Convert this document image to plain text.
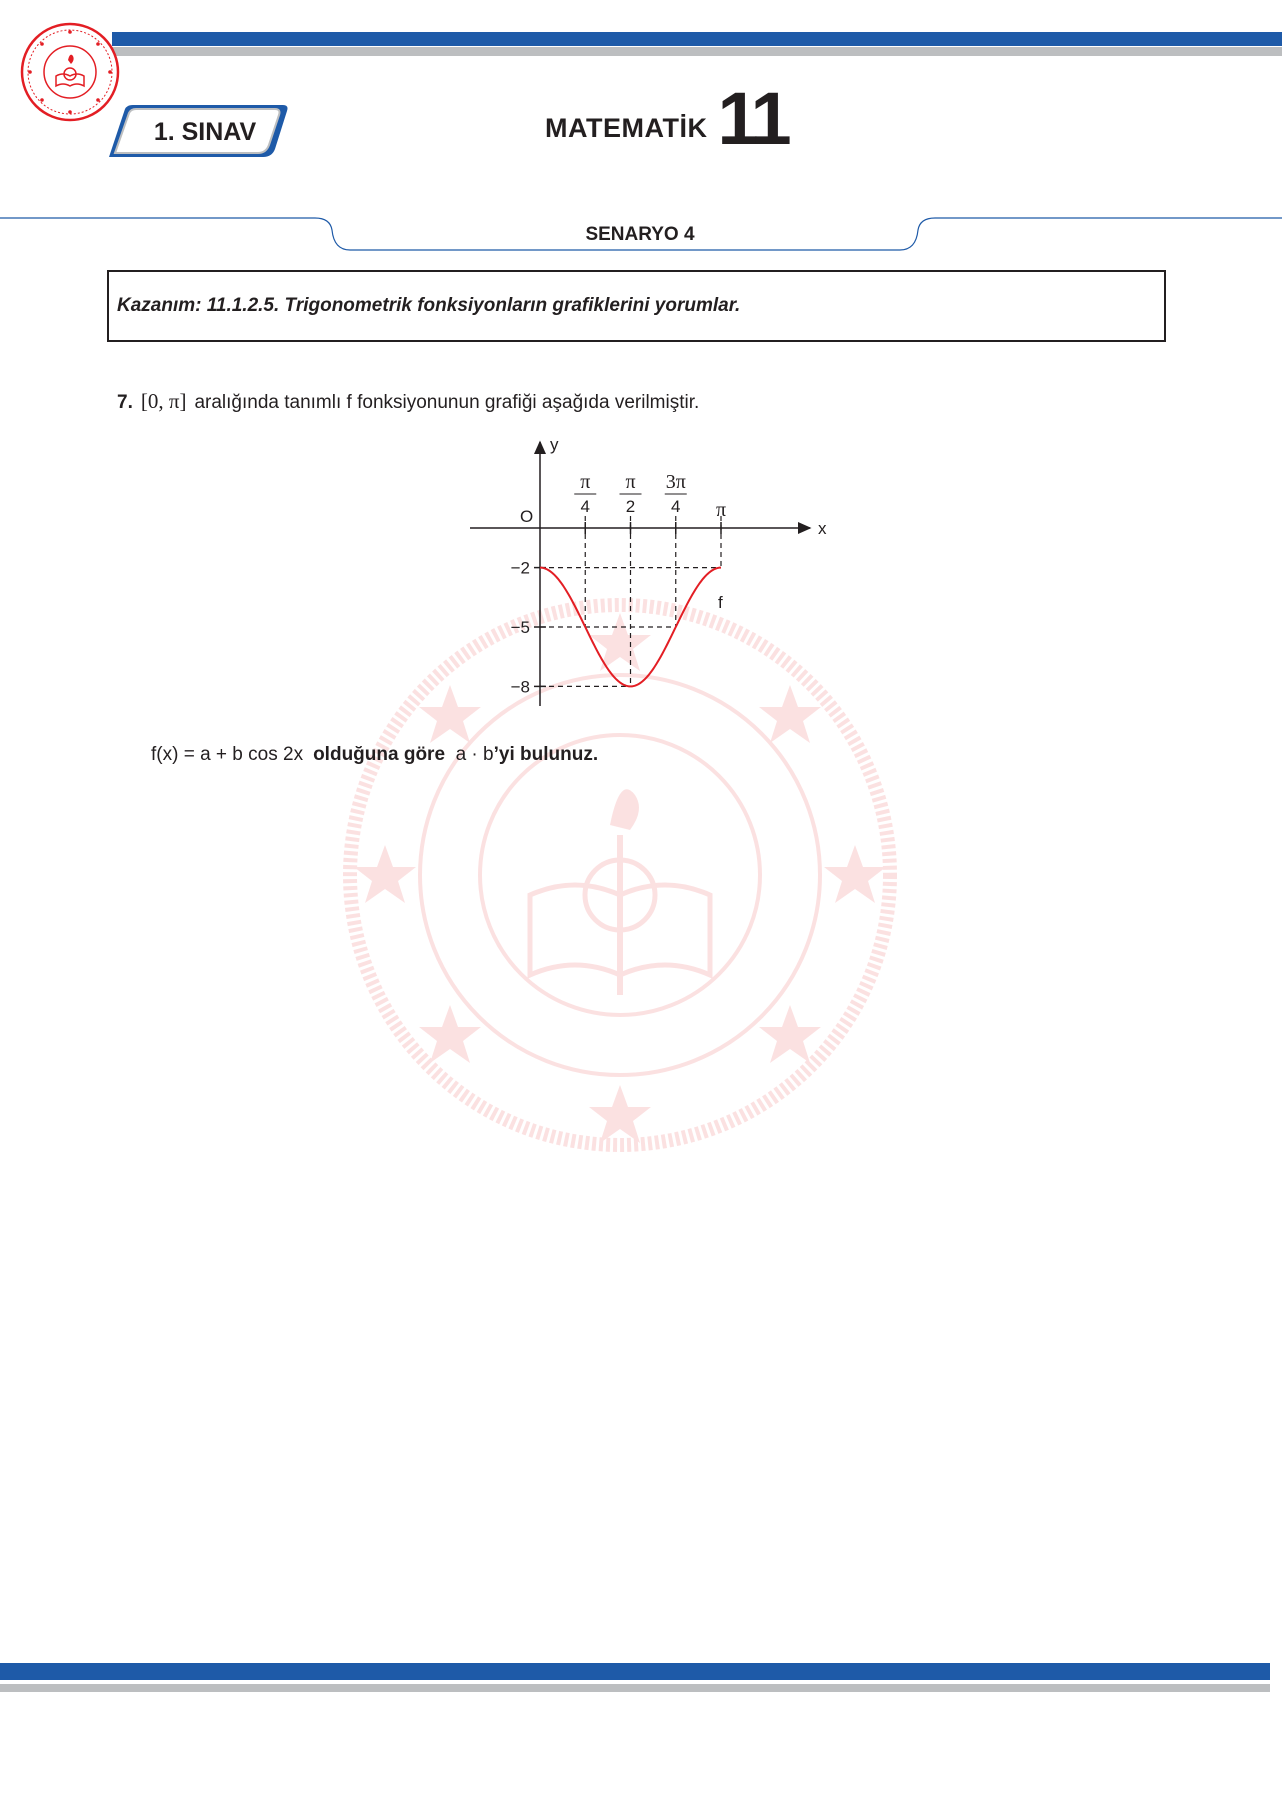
1. SINAV	MATEMATİK 11
SENARYO 4
Kazanım: 11.1.2.5. Trigonometrik fonksiyonların grafiklerini yorumlar.
7. [0, π] aralığında tanımlı f fonksiyonunun grafiği aşağıda verilmiştir.
x
y
O
π
4
π
2
3π
4 π
−2
−5
−8
f
f(x) = a + b cos 2x olduğuna göre a · b’yi bulunuz.
